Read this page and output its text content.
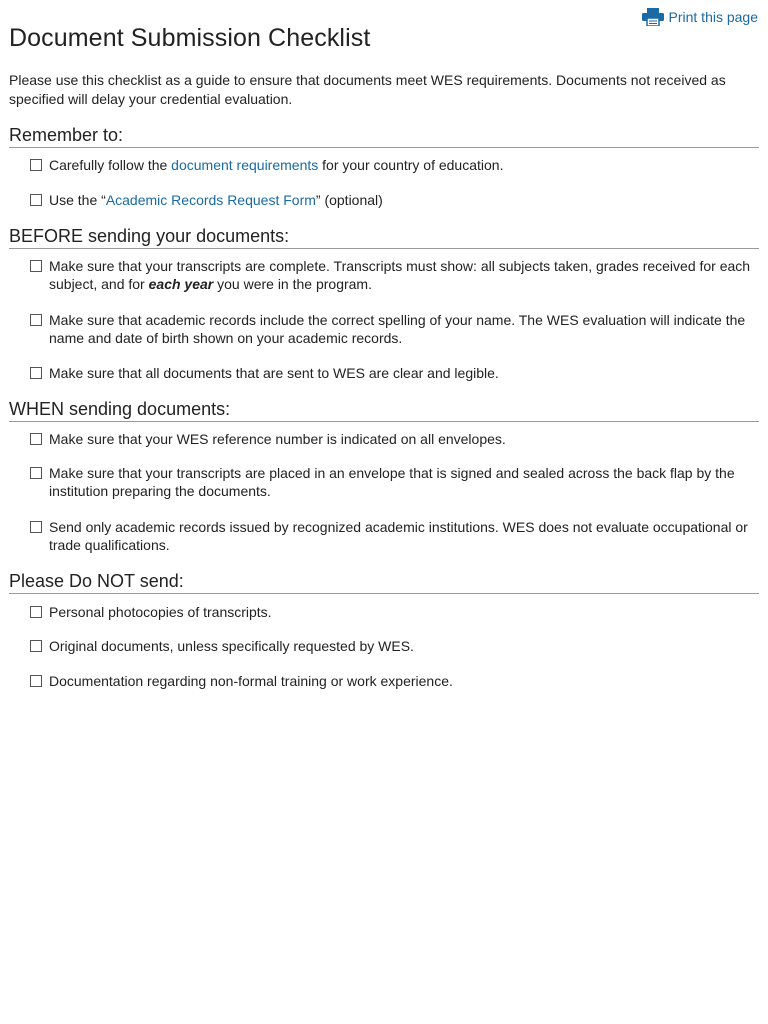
Print this page
Document Submission Checklist

Please use this checklist as a guide to ensure that documents meet WES requirements. Documents not received as specified will delay your credential evaluation.

Remember to:
Carefully follow the document requirements for your country of education.
Use the “Academic Records Request Form” (optional)
BEFORE sending your documents:
Make sure that your transcripts are complete. Transcripts must show: all subjects taken, grades received for each subject, and for each year you were in the program.
Make sure that academic records include the correct spelling of your name. The WES evaluation will indicate the name and date of birth shown on your academic records.
Make sure that all documents that are sent to WES are clear and legible.
WHEN sending documents:
Make sure that your WES reference number is indicated on all envelopes.
Make sure that your transcripts are placed in an envelope that is signed and sealed across the back flap by the institution preparing the documents.
Send only academic records issued by recognized academic institutions. WES does not evaluate occupational or trade qualifications.
Please Do NOT send:
Personal photocopies of transcripts.
Original documents, unless specifically requested by WES.
Documentation regarding non-formal training or work experience.
